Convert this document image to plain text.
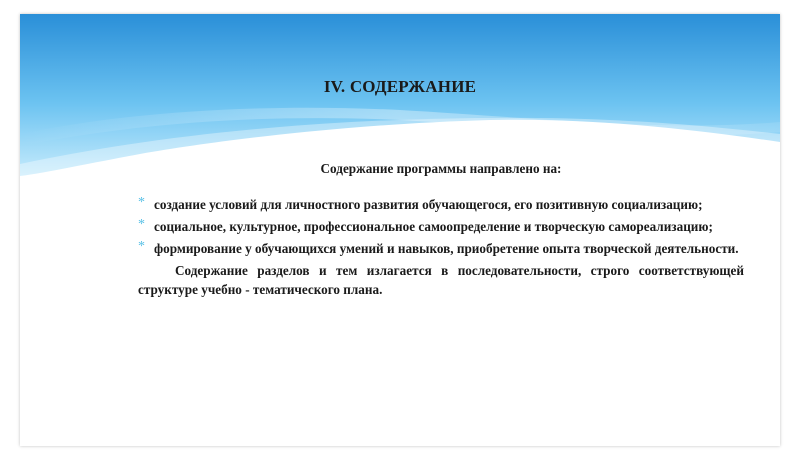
IV. СОДЕРЖАНИЕ
Содержание программы направлено на:
* создание условий для личностного развития обучающегося, его позитивную социализацию;
* социальное, культурное, профессиональное самоопределение и творческую самореализацию;
* формирование у обучающихся умений и навыков, приобретение опыта творческой деятельности.

Содержание разделов и тем излагается в последовательности, строго соответствующей структуре учебно - тематического плана.
